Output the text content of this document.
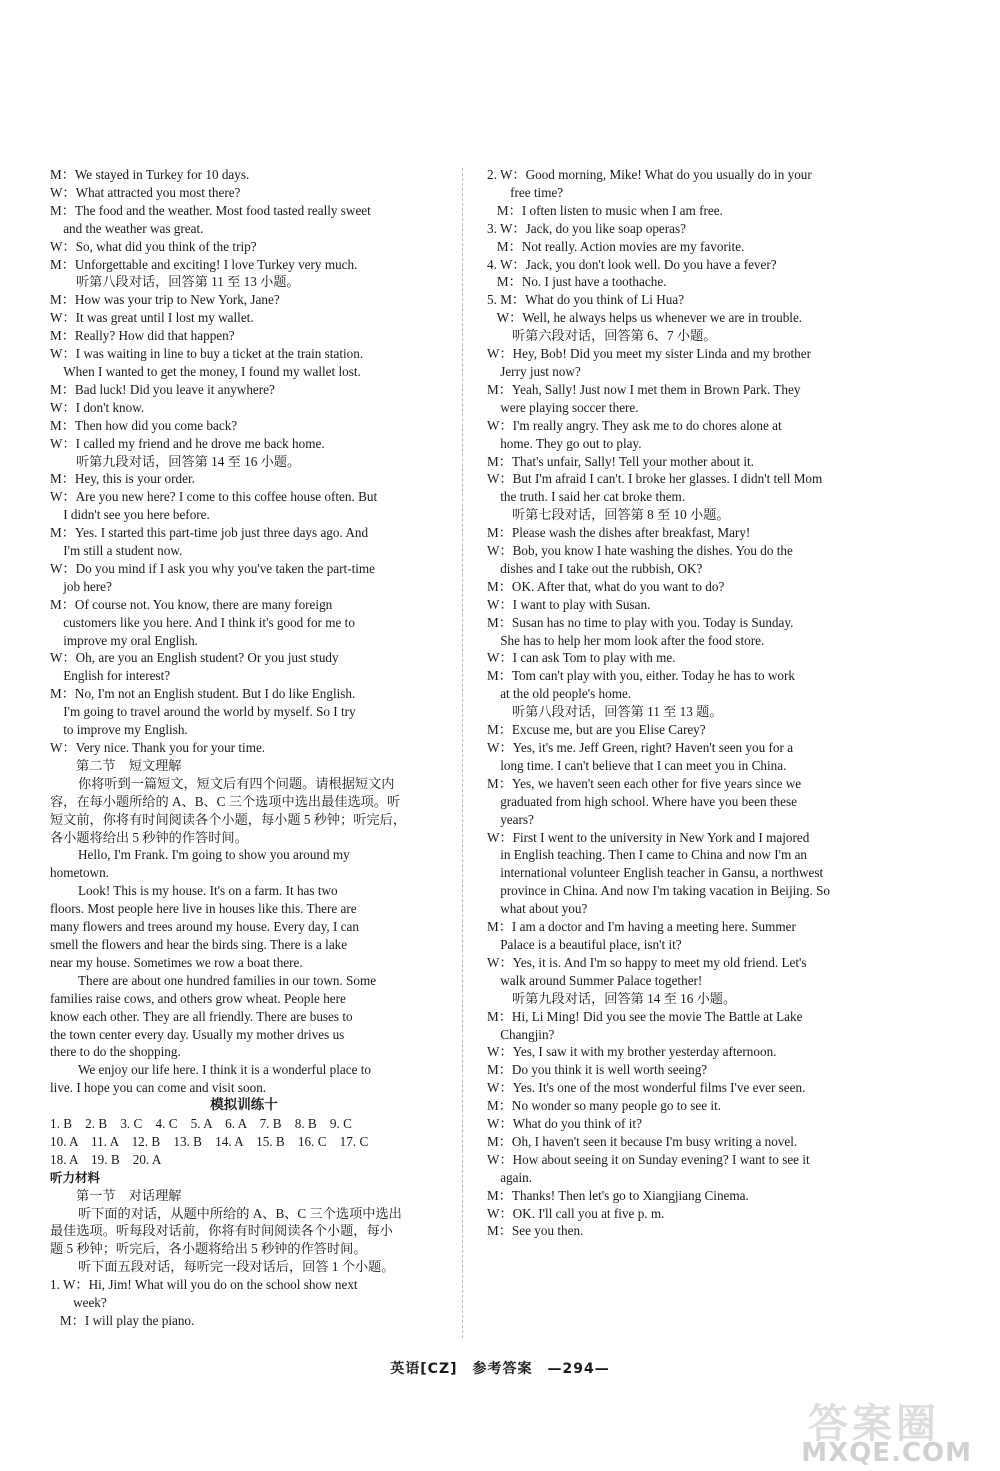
M： We stayed in Turkey for 10 days.
W： What attracted you most there?
M： The food and the weather. Most food tasted really sweet

and the weather was great.
W： So, what did you think of the trip?
M： Unforgettable and exciting! I love Turkey very much.
听第八段对话，回答第 11 至 13 小题。
M： How was your trip to New York, Jane?
W： It was great until I lost my wallet.
M： Really? How did that happen?
W： I was waiting in line to buy a ticket at the train station.

When I wanted to get the money, I found my wallet lost.
M： Bad luck! Did you leave it anywhere?
W： I don't know.
M： Then how did you come back?
W： I called my friend and he drove me back home.
听第九段对话，回答第 14 至 16 小题。
M： Hey, this is your order.
W： Are you new here? I come to this coffee house often. But

I didn't see you here before.
M： Yes. I started this part-time job just three days ago. And

I'm still a student now.
W： Do you mind if I ask you why you've taken the part-time

job here?
M： Of course not. You know, there are many foreign

customers like you here. And I think it's good for me to

improve my oral English.
W： Oh, are you an English student? Or you just study

English for interest?
M： No, I'm not an English student. But I do like English.

I'm going to travel around the world by myself. So I try

to improve my English.
W： Very nice. Thank you for your time.
第二节　短文理解
你将听到一篇短文，短文后有四个问题。请根据短文内
容，在每小题所给的 A、B、C 三个选项中选出最佳选项。听
短文前，你将有时间阅读各个小题，每小题 5 秒钟；听完后，
各小题将给出 5 秒钟的作答时间。
Hello, I'm Frank. I'm going to show you around my
hometown.
Look! This is my house. It's on a farm. It has two
floors. Most people here live in houses like this. There are
many flowers and trees around my house. Every day, I can
smell the flowers and hear the birds sing. There is a lake
near my house. Sometimes we row a boat there.
There are about one hundred families in our town. Some
families raise cows, and others grow wheat. People here
know each other. They are all friendly. There are buses to
the town center every day. Usually my mother drives us
there to do the shopping.
We enjoy our life here. I think it is a wonderful place to
live. I hope you can come and visit soon.
模拟训练十
1. B　2. B　3. C　4. C　5. A　6. A　7. B　8. B　9. C
10. A　11. A　12. B　13. B　14. A　15. B　16. C　17. C
18. A　19. B　20. A
听力材料
第一节　对话理解
听下面的对话，从题中所给的 A、B、C 三个选项中选出
最佳选项。听每段对话前，你将有时间阅读各个小题，每小
题 5 秒钟；听完后，各小题将给出 5 秒钟的作答时间。
听下面五段对话，每听完一段对话后，回答 1 个小题。
1. W： Hi, Jim! What will you do on the school show next

week?
M： I will play the piano.
2. W： Good morning, Mike! What do you usually do in your

free time?
M： I often listen to music when I am free.
3. W： Jack, do you like soap operas?
M： Not really. Action movies are my favorite.
4. W： Jack, you don't look well. Do you have a fever?
M： No. I just have a toothache.
5. M： What do you think of Li Hua?
W： Well, he always helps us whenever we are in trouble.
听第六段对话，回答第 6、7 小题。
W： Hey, Bob! Did you meet my sister Linda and my brother

Jerry just now?
M： Yeah, Sally! Just now I met them in Brown Park. They

were playing soccer there.
W： I'm really angry. They ask me to do chores alone at

home. They go out to play.
M： That's unfair, Sally! Tell your mother about it.
W： But I'm afraid I can't. I broke her glasses. I didn't tell Mom

the truth. I said her cat broke them.
听第七段对话，回答第 8 至 10 小题。
M： Please wash the dishes after breakfast, Mary!
W： Bob, you know I hate washing the dishes. You do the

dishes and I take out the rubbish, OK?
M： OK. After that, what do you want to do?
W： I want to play with Susan.
M： Susan has no time to play with you. Today is Sunday.

She has to help her mom look after the food store.
W： I can ask Tom to play with me.
M： Tom can't play with you, either. Today he has to work

at the old people's home.
听第八段对话，回答第 11 至 13 题。
M： Excuse me, but are you Elise Carey?
W： Yes, it's me. Jeff Green, right? Haven't seen you for a

long time. I can't believe that I can meet you in China.
M： Yes, we haven't seen each other for five years since we

graduated from high school. Where have you been these

years?
W： First I went to the university in New York and I majored

in English teaching. Then I came to China and now I'm an

international volunteer English teacher in Gansu, a northwest

province in China. And now I'm taking vacation in Beijing. So

what about you?
M： I am a doctor and I'm having a meeting here. Summer

Palace is a beautiful place, isn't it?
W： Yes, it is. And I'm so happy to meet my old friend. Let's

walk around Summer Palace together!
听第九段对话，回答第 14 至 16 小题。
M： Hi, Li Ming! Did you see the movie The Battle at Lake

Changjin?
W： Yes, I saw it with my brother yesterday afternoon.
M： Do you think it is well worth seeing?
W： Yes. It's one of the most wonderful films I've ever seen.
M： No wonder so many people go to see it.
W： What do you think of it?
M： Oh, I haven't seen it because I'm busy writing a novel.
W： How about seeing it on Sunday evening? I want to see it

again.
M： Thanks! Then let's go to Xiangjiang Cinema.
W： OK. I'll call you at five p. m.
M： See you then.
英语[CZ]　参考答案　—294—
答案圈
MXQE.COM
